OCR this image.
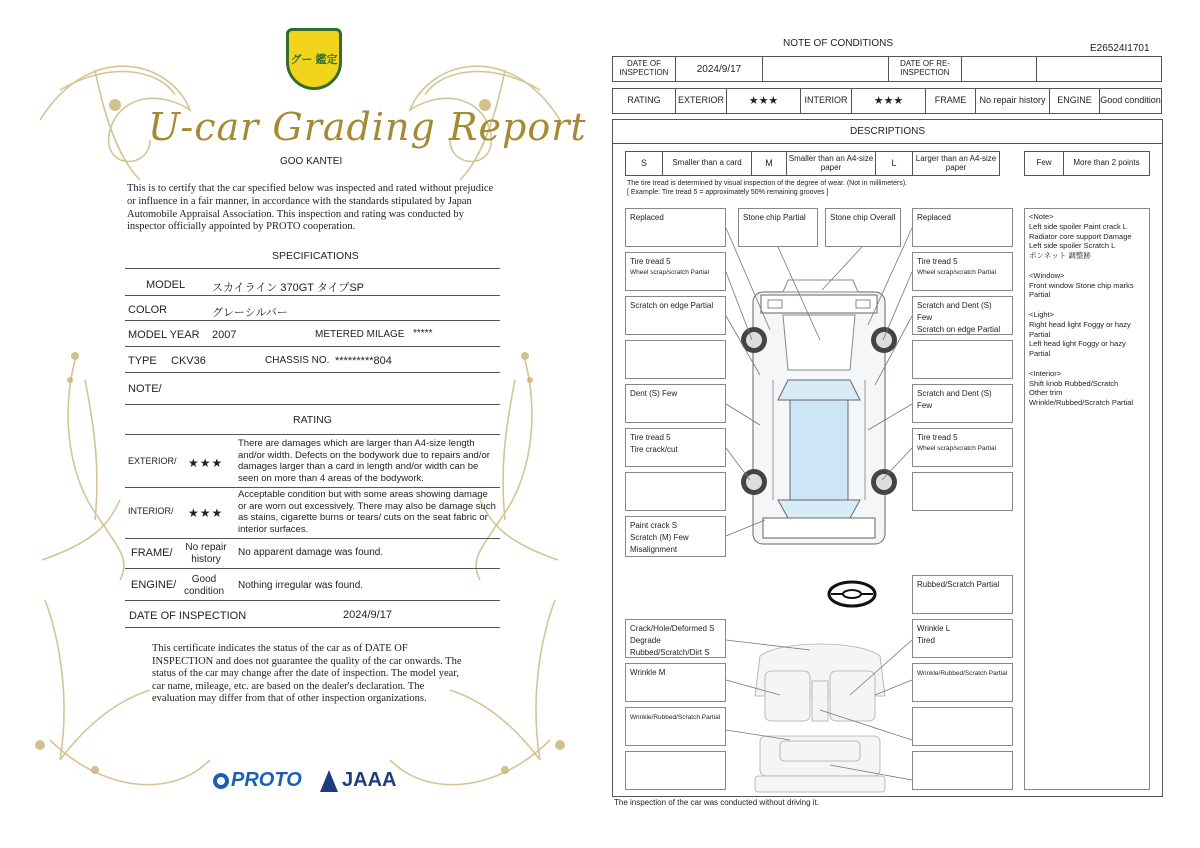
グー 鑑定
U-car Grading Report
GOO KANTEI
This is to certify that the car specified below was inspected and rated without prejudice or influence in a fair manner, in accordance with the standards stipulated by Japan Automobile Appraisal Association. This inspection and rating was conducted by inspector officially appointed by PROTO cooperation.
SPECIFICATIONS
MODEL スカイライン 370GT タイプSP
COLOR	グレーシルバー
MODEL YEAR 2007	METERED MILAGE *****
TYPE CKV36	CHASSIS NO. *********804
NOTE/
RATING
EXTERIOR/ ★★★
There are damages which are larger than A4-size length and/or width. Defects on the bodywork due to repairs and/or damages larger than a card in length and/or width can be seen on more than 4 areas of the bodywork.
INTERIOR/ ★★★
Acceptable condition but with some areas showing damage or are worn out excessively. There may also be damage such as stains, cigarette burns or tears/ cuts on the seat fabric or interior surfaces.
FRAME/	No repair history
No apparent damage was found.
ENGINE/	Good condition
Nothing irregular was found.
DATE OF INSPECTION	2024/9/17
This certificate indicates the status of the car as of DATE OF INSPECTION and does not guarantee the quality of the car onwards. The status of the car may change after the date of inspection. The model year, car name, mileage, etc. are based on the dealer's declaration. The evaluation may differ from that of other inspection organizations.
PROTO JAAA
NOTE OF CONDITIONS	E26524I1701
DATE OF INSPECTION	2024/9/17	DATE OF RE-INSPECTION
RATING	EXTERIOR	★★★	INTERIOR	★★★	FRAME	No repair history	ENGINE Good condition
DESCRIPTIONS
S	Smaller than a card	M	Smaller than an A4-size paper	L	Larger than an A4-size paper	Few	More than 2 points
The tire tread is determined by visual inspection of the degree of wear. (Not in millimeters).
[ Example: Tire tread 5 = approximately 50% remaining grooves ]
Replaced
Tire tread 5
Wheel scrap/scratch Partial
Scratch on edge Partial
Dent (S) Few
Tire tread 5
Tire crack/cut
Paint crack S
Scratch (M) Few
Misalignment
Stone chip Partial	Stone chip Overall	Replaced
Tire tread 5
Wheel scrap/scratch Partial
Scratch and Dent (S) Few
Scratch on edge Partial
Scratch and Dent (S) Few
Tire tread 5
Wheel scrap/scratch Partial
Rubbed/Scratch Partial
Crack/Hole/Deformed S
Degrade
Rubbed/Scratch/Dirt S
Wrinkle M
Wrinkle/Rubbed/Scratch Partial
Wrinkle L
Tired
Wrinkle/Rubbed/Scratch Partial
<Note>
Left side spoiler Paint crack L
Radiator core support Damage
Left side spoiler Scratch L
ボンネット 調整跡
<Window>
Front window Stone chip marks Partial
<Light>
Right head light Foggy or hazy Partial
Left head light Foggy or hazy Partial
<Interior>
Shift knob Rubbed/Scratch
Other trim
Wrinkle/Rubbed/Scratch Partial
The inspection of the car was conducted without driving it.
